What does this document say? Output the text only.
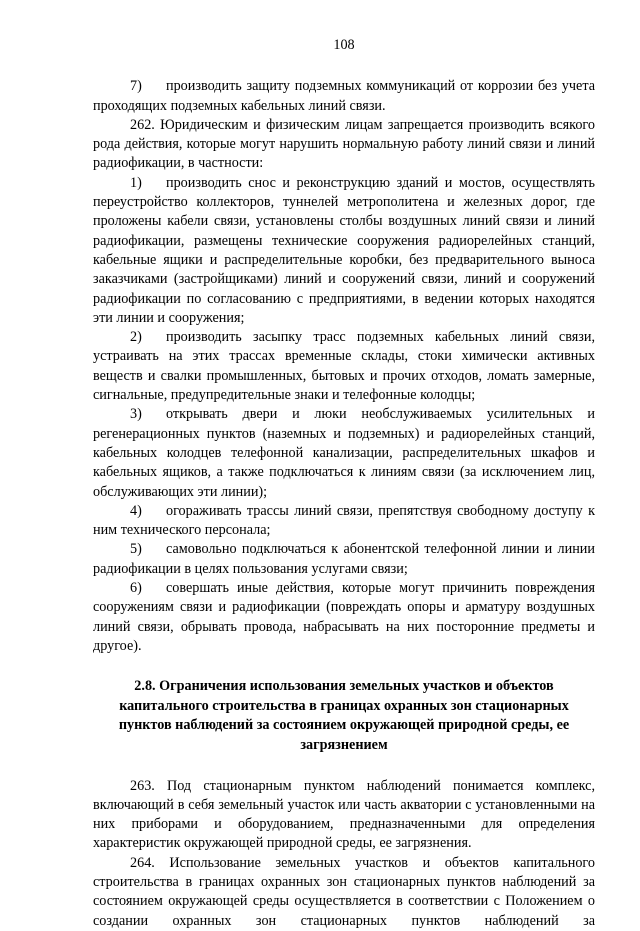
108

7) производить защиту подземных коммуникаций от коррозии без учета проходящих подземных кабельных линий связи.

262. Юридическим и физическим лицам запрещается производить всякого рода действия, которые могут нарушить нормальную работу линий связи и линий радиофикации, в частности:

1) производить снос и реконструкцию зданий и мостов, осуществлять переустройство коллекторов, туннелей метрополитена и железных дорог, где проложены кабели связи, установлены столбы воздушных линий связи и линий радиофикации, размещены технические сооружения радиорелейных станций, кабельные ящики и распределительные коробки, без предварительного выноса заказчиками (застройщиками) линий и сооружений связи, линий и сооружений радиофикации по согласованию с предприятиями, в ведении которых находятся эти линии и сооружения;

2) производить засыпку трасс подземных кабельных линий связи, устраивать на этих трассах временные склады, стоки химически активных веществ и свалки промышленных, бытовых и прочих отходов, ломать замерные, сигнальные, предупредительные знаки и телефонные колодцы;

3) открывать двери и люки необслуживаемых усилительных и регенерационных пунктов (наземных и подземных) и радиорелейных станций, кабельных колодцев телефонной канализации, распределительных шкафов и кабельных ящиков, а также подключаться к линиям связи (за исключением лиц, обслуживающих эти линии);

4) огораживать трассы линий связи, препятствуя свободному доступу к ним технического персонала;

5) самовольно подключаться к абонентской телефонной линии и линии радиофикации в целях пользования услугами связи;

6) совершать иные действия, которые могут причинить повреждения сооружениям связи и радиофикации (повреждать опоры и арматуру воздушных линий связи, обрывать провода, набрасывать на них посторонние предметы и другое).

2.8. Ограничения использования земельных участков и объектов капитального строительства в границах охранных зон стационарных пунктов наблюдений за состоянием окружающей природной среды, ее загрязнением

263. Под стационарным пунктом наблюдений понимается комплекс, включающий в себя земельный участок или часть акватории с установленными на них приборами и оборудованием, предназначенными для определения характеристик окружающей природной среды, ее загрязнения.

264. Использование земельных участков и объектов капитального строительства в границах охранных зон стационарных пунктов наблюдений за состоянием окружающей среды осуществляется в соответствии с Положением о создании охранных зон стационарных пунктов наблюдений за
